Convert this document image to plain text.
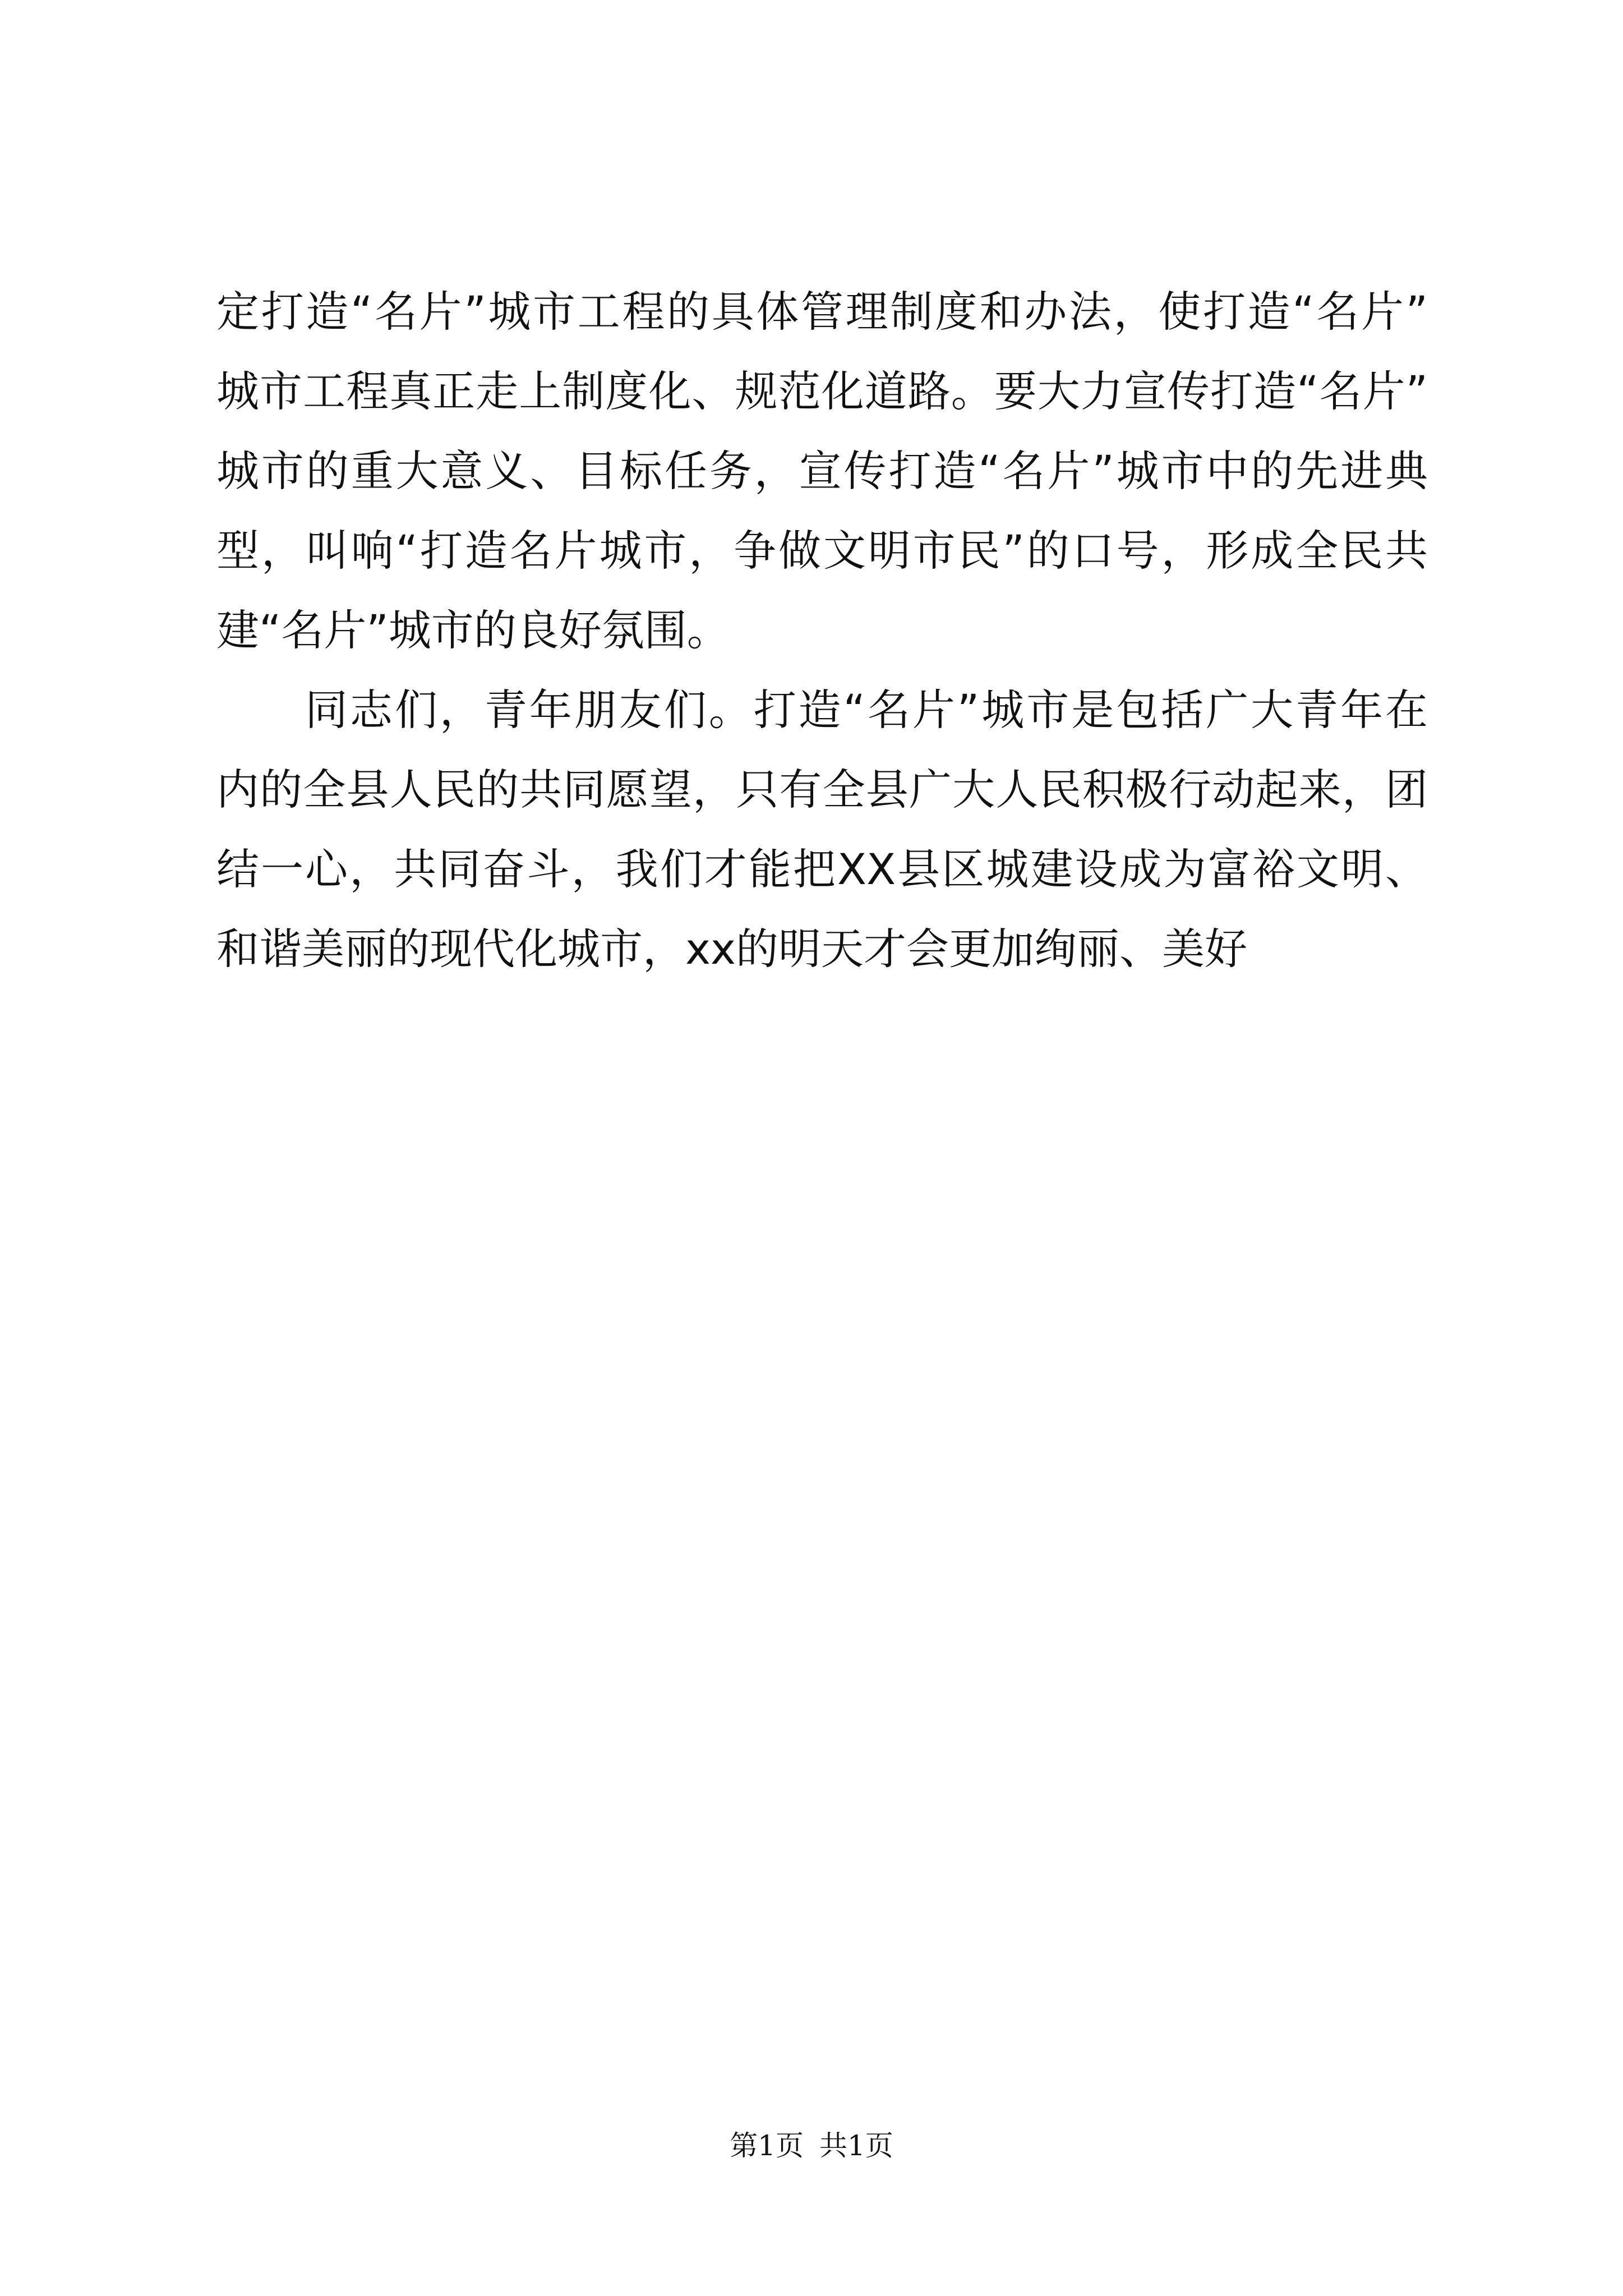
定打造“名片”城市工程的具体管理制度和办法，使打造“名片”
城市工程真正走上制度化、规范化道路。要大力宣传打造“名片”
城市的重大意义、目标任务，宣传打造“名片”城市中的先进典
型，叫响“打造名片城市，争做文明市民”的口号，形成全民共
建“名片”城市的良好氛围。
同志们，青年朋友们。打造“名片”城市是包括广大青年在
内的全县人民的共同愿望，只有全县广大人民积极行动起来，团
结一心，共同奋斗，我们才能把XX县区城建设成为富裕文明、
和谐美丽的现代化城市，xx的明天才会更加绚丽、美好
第1页 共1页
